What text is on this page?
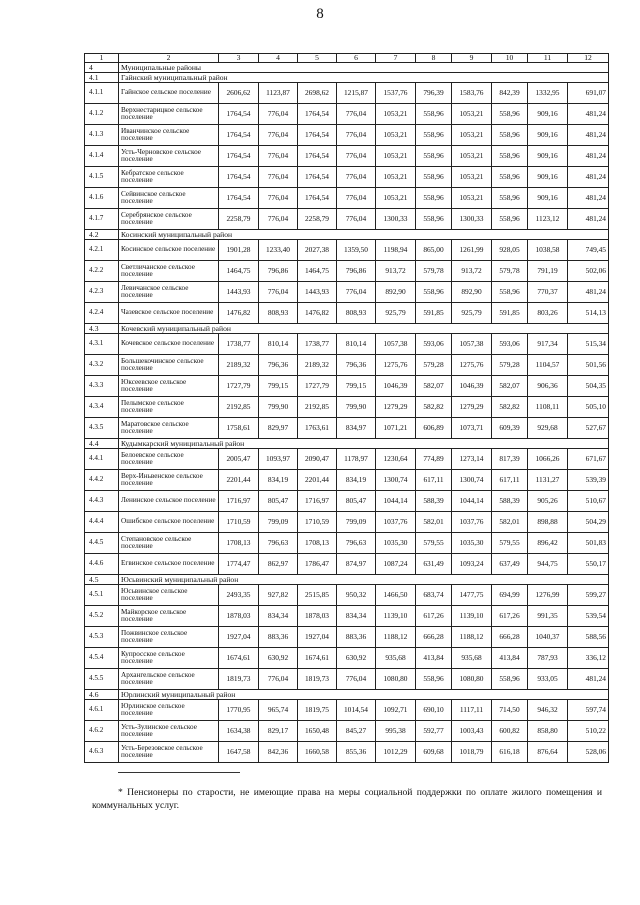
8
1	2	3	4	5	6	7	8	9	10	11	12
4	Муниципальные районы										
4.1	Гайнский муниципальный район										
4.1.1	Гайнское сельское поселение	2606,62	1123,87	2698,62	1215,87	1537,76	796,39	1583,76	842,39	1332,95	691,07
4.1.2	Верхнестарицкое сельское поселение	1764,54	776,04	1764,54	776,04	1053,21	558,96	1053,21	558,96	909,16	481,24
4.1.3	Иванчинское сельское поселение	1764,54	776,04	1764,54	776,04	1053,21	558,96	1053,21	558,96	909,16	481,24
4.1.4	Усть-Черновское сельское поселение	1764,54	776,04	1764,54	776,04	1053,21	558,96	1053,21	558,96	909,16	481,24
4.1.5	Кебратское сельское поселение	1764,54	776,04	1764,54	776,04	1053,21	558,96	1053,21	558,96	909,16	481,24
4.1.6	Сейвинское сельское поселение	1764,54	776,04	1764,54	776,04	1053,21	558,96	1053,21	558,96	909,16	481,24
4.1.7	Серебрянское сельское поселение	2258,79	776,04	2258,79	776,04	1300,33	558,96	1300,33	558,96	1123,12	481,24
4.2	Косинский муниципальный район										
4.2.1	Косинское сельское поселение	1901,28	1233,40	2027,38	1359,50	1198,94	865,00	1261,99	928,05	1038,58	749,45
4.2.2	Светличанское сельское поселение	1464,75	796,86	1464,75	796,86	913,72	579,78	913,72	579,78	791,19	502,06
4.2.3	Левичанское сельское поселение	1443,93	776,04	1443,93	776,04	892,90	558,96	892,90	558,96	770,37	481,24
4.2.4	Чазевское сельское поселение	1476,82	808,93	1476,82	808,93	925,79	591,85	925,79	591,85	803,26	514,13
4.3	Кочевский муниципальный район										
4.3.1	Кочевское сельское поселение	1738,77	810,14	1738,77	810,14	1057,38	593,06	1057,38	593,06	917,34	515,34
4.3.2	Большекочинское сельское поселение	2189,32	796,36	2189,32	796,36	1275,76	579,28	1275,76	579,28	1104,57	501,56
4.3.3	Юксеевское сельское поселение	1727,79	799,15	1727,79	799,15	1046,39	582,07	1046,39	582,07	906,36	504,35
4.3.4	Пелымское сельское поселение	2192,85	799,90	2192,85	799,90	1279,29	582,82	1279,29	582,82	1108,11	505,10
4.3.5	Маратовское сельское поселение	1758,61	829,97	1763,61	834,97	1071,21	606,89	1073,71	609,39	929,68	527,67
4.4	Кудымкарский муниципальный район										
4.4.1	Белоевское сельское поселение	2005,47	1093,97	2090,47	1178,97	1230,64	774,89	1273,14	817,39	1066,26	671,67
4.4.2	Верх-Иньвенское сельское поселение	2201,44	834,19	2201,44	834,19	1300,74	617,11	1300,74	617,11	1131,27	539,39
4.4.3	Ленинское сельское поселение	1716,97	805,47	1716,97	805,47	1044,14	588,39	1044,14	588,39	905,26	510,67
4.4.4	Ошибское сельское поселение	1710,59	799,09	1710,59	799,09	1037,76	582,01	1037,76	582,01	898,88	504,29
4.4.5	Степановское сельское поселение	1708,13	796,63	1708,13	796,63	1035,30	579,55	1035,30	579,55	896,42	501,83
4.4.6	Егвинское сельское поселение	1774,47	862,97	1786,47	874,97	1087,24	631,49	1093,24	637,49	944,75	550,17
4.5	Юсьвинский муниципальный район										
4.5.1	Юсьвинское сельское поселение	2493,35	927,82	2515,85	950,32	1466,50	683,74	1477,75	694,99	1276,99	599,27
4.5.2	Майкорское сельское поселение	1878,03	834,34	1878,03	834,34	1139,10	617,26	1139,10	617,26	991,35	539,54
4.5.3	Пожвинское сельское поселение	1927,04	883,36	1927,04	883,36	1188,12	666,28	1188,12	666,28	1040,37	588,56
4.5.4	Купросское сельское поселение	1674,61	630,92	1674,61	630,92	935,68	413,84	935,68	413,84	787,93	336,12
4.5.5	Архангельское сельское поселение	1819,73	776,04	1819,73	776,04	1080,80	558,96	1080,80	558,96	933,05	481,24
4.6	Юрлинский муниципальный район										
4.6.1	Юрлинское сельское поселение	1770,95	965,74	1819,75	1014,54	1092,71	690,10	1117,11	714,50	946,32	597,74
4.6.2	Усть-Зулинское сельское поселение	1634,38	829,17	1650,48	845,27	995,38	592,77	1003,43	600,82	858,80	510,22
4.6.3	Усть-Березовское сельское поселение	1647,58	842,36	1660,58	855,36	1012,29	609,68	1018,79	616,18	876,64	528,06
* Пенсионеры по старости, не имеющие права на меры социальной поддержки по оплате жилого помещения и коммунальных услуг.
